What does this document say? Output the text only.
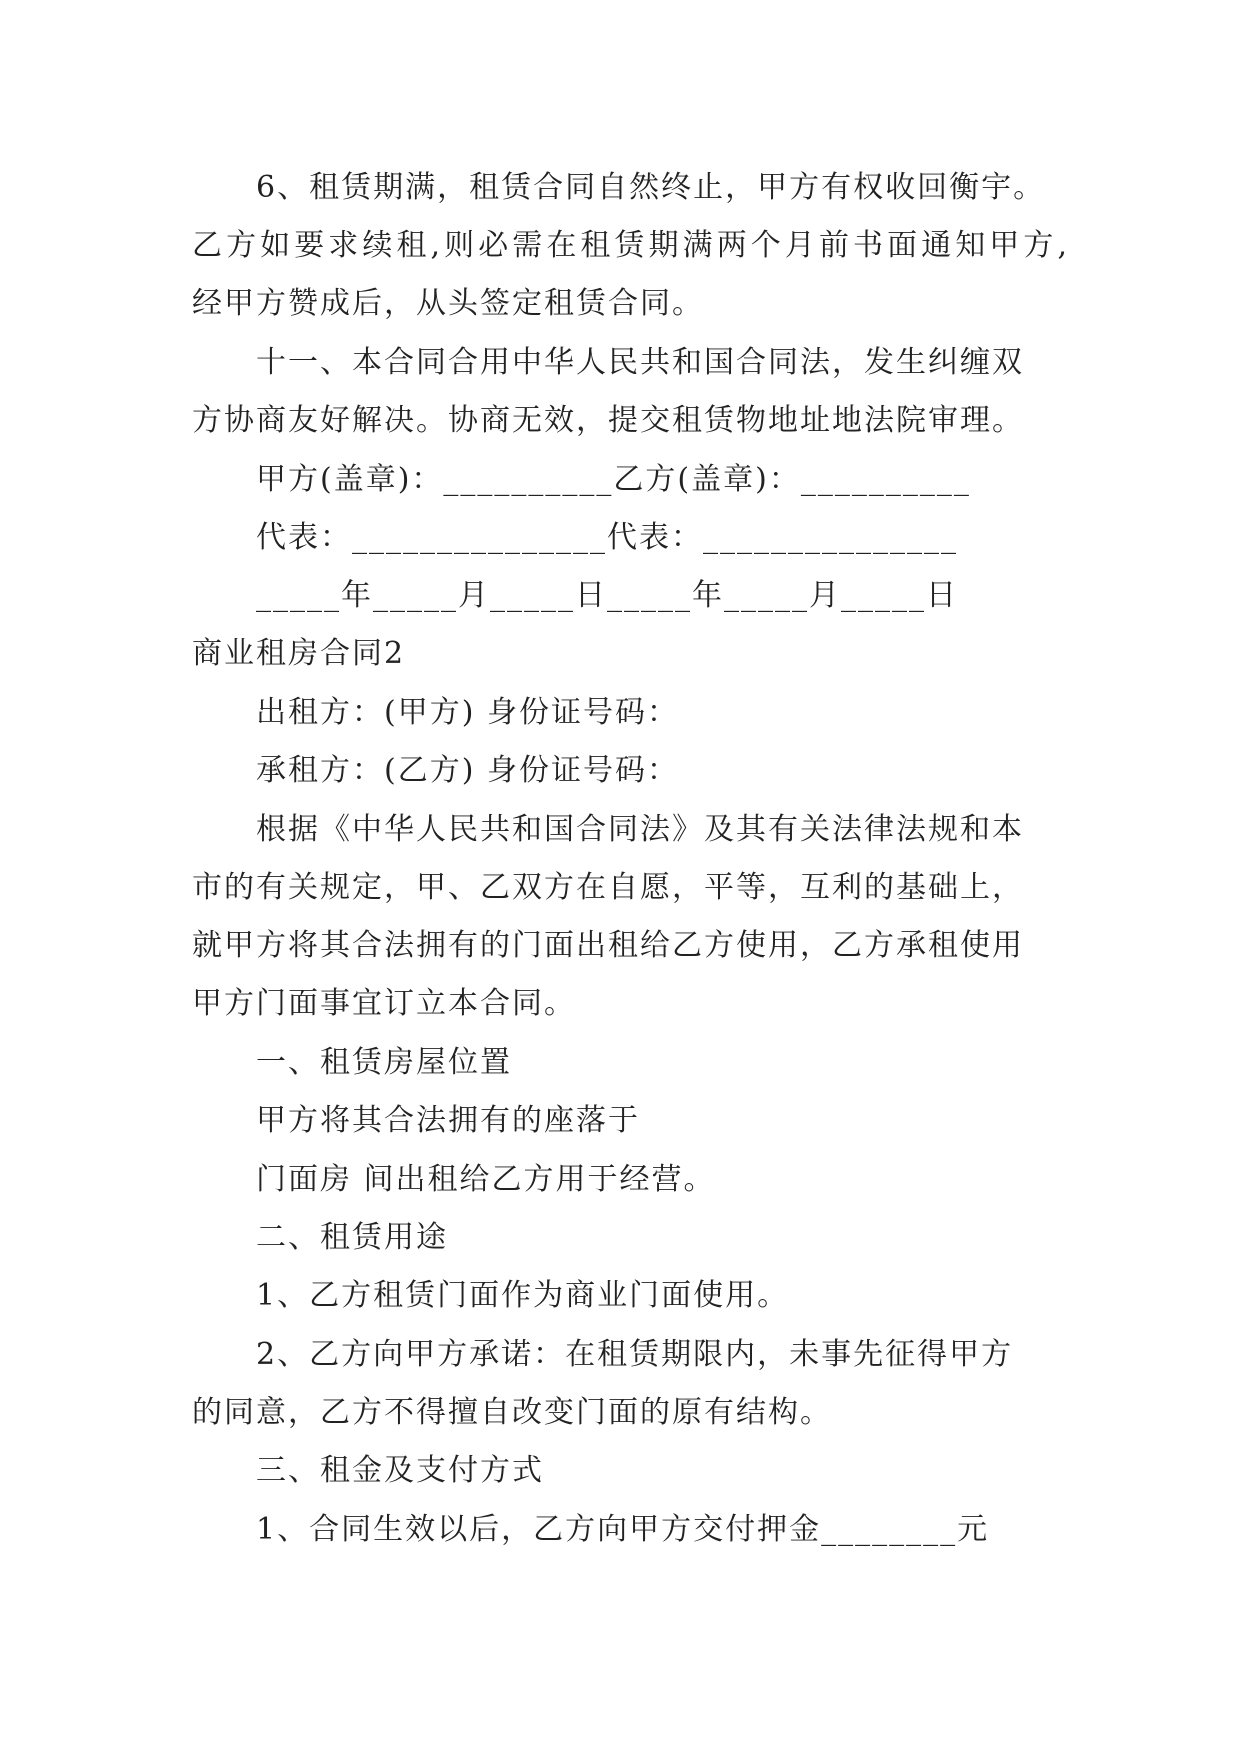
6、租赁期满，租赁合同自然终止，甲方有权收回衡宇。
乙方如要求续租,则必需在租赁期满两个月前书面通知甲方,
经甲方赞成后，从头签定租赁合同。
十一、本合同合用中华人民共和国合同法，发生纠缠双
方协商友好解决。协商无效，提交租赁物地址地法院审理。
甲方(盖章)：__________乙方(盖章)：__________
代表：_______________代表：_______________
_____年_____月_____日_____年_____月_____日
商业租房合同2
出租方：(甲方) 身份证号码：
承租方：(乙方) 身份证号码：
根据《中华人民共和国合同法》及其有关法律法规和本
市的有关规定，甲、乙双方在自愿，平等，互利的基础上，
就甲方将其合法拥有的门面出租给乙方使用，乙方承租使用
甲方门面事宜订立本合同。
一、租赁房屋位置
甲方将其合法拥有的座落于
门面房 间出租给乙方用于经营。
二、租赁用途
1、乙方租赁门面作为商业门面使用。
2、乙方向甲方承诺：在租赁期限内，未事先征得甲方
的同意，乙方不得擅自改变门面的原有结构。
三、租金及支付方式
1、合同生效以后，乙方向甲方交付押金________元
